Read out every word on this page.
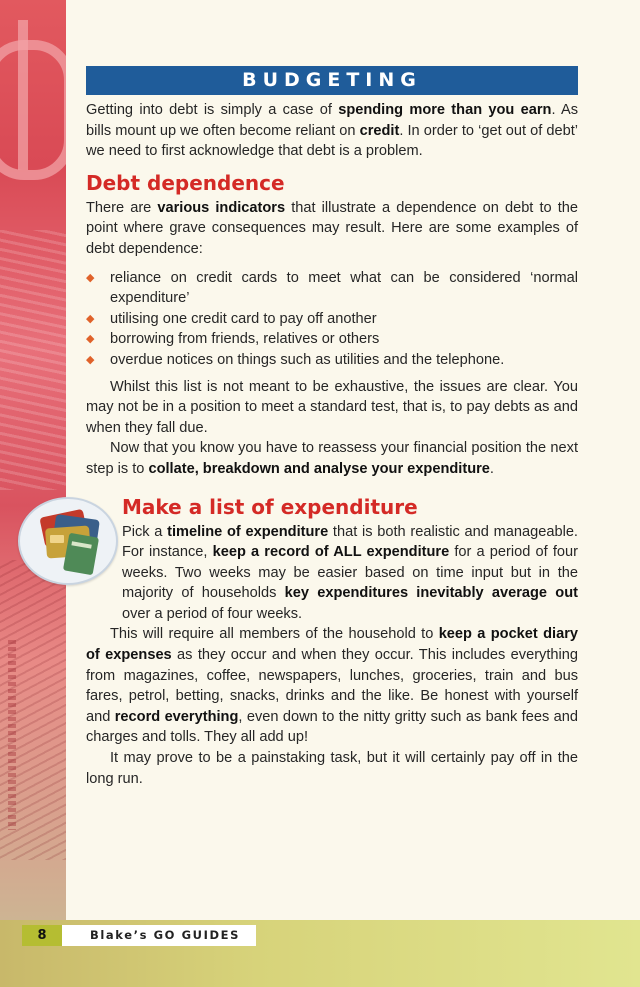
BUDGETING

Getting into debt is simply a case of spending more than you earn. As bills mount up we often become reliant on credit. In order to ‘get out of debt’ we need to first acknowledge that debt is a problem.

Debt dependence

There are various indicators that illustrate a dependence on debt to the point where grave consequences may result. Here are some examples of debt dependence:

◆ reliance on credit cards to meet what can be considered ‘normal expenditure’
◆ utilising one credit card to pay off another
◆ borrowing from friends, relatives or others
◆ overdue notices on things such as utilities and the telephone.

Whilst this list is not meant to be exhaustive, the issues are clear. You may not be in a position to meet a standard test, that is, to pay debts as and when they fall due.

Now that you know you have to reassess your financial position the next step is to collate, breakdown and analyse your expenditure.

Make a list of expenditure

Pick a timeline of expenditure that is both realistic and manageable. For instance, keep a record of ALL expenditure for a period of four weeks. Two weeks may be easier based on time input but in the majority of households key expenditures inevitably average out over a period of four weeks.

This will require all members of the household to keep a pocket diary of expenses as they occur and when they occur. This includes everything from magazines, coffee, newspapers, lunches, groceries, train and bus fares, petrol, betting, snacks, drinks and the like. Be honest with yourself and record everything, even down to the nitty gritty such as bank fees and charges and tolls. They all add up!

It may prove to be a painstaking task, but it will certainly pay off in the long run.

8	Blake’s GO GUIDES
